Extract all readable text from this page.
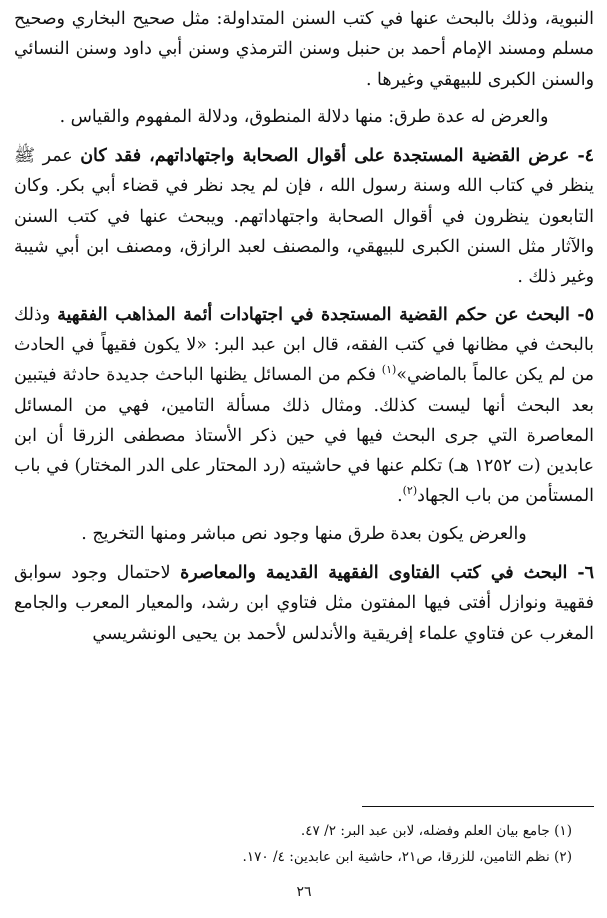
النبوية، وذلك بالبحث عنها في كتب السنن المتداولة: مثل صحيح البخاري وصحيح مسلم ومسند الإمام أحمد بن حنبل وسنن الترمذي وسنن أبي داود وسنن النسائي والسنن الكبرى للبيهقي وغيرها .

والعرض له عدة طرق: منها دلالة المنطوق، ودلالة المفهوم والقياس .

٤- عرض القضية المستجدة على أقوال الصحابة واجتهاداتهم، فقد كان عمر ﷺ ينظر في كتاب الله وسنة رسول الله ، فإن لم يجد نظر في قضاء أبي بكر. وكان التابعون ينظرون في أقوال الصحابة واجتهاداتهم. ويبحث عنها في كتب السنن والآثار مثل السنن الكبرى للبيهقي، والمصنف لعبد الرازق، ومصنف ابن أبي شيبة وغير ذلك .

٥- البحث عن حكم القضية المستجدة في اجتهادات أئمة المذاهب الفقهية وذلك بالبحث في مظانها في كتب الفقه، قال ابن عبد البر: «لا يكون فقيهاً في الحادث من لم يكن عالماً بالماضي»$^{(١)}$ فكم من المسائل يظنها الباحث جديدة حادثة فيتبين بعد البحث أنها ليست كذلك. ومثال ذلك مسألة التامين، فهي من المسائل المعاصرة التي جرى البحث فيها في حين ذكر الأستاذ مصطفى الزرقا أن ابن عابدين (ت ١٢٥٢ هـ) تكلم عنها في حاشيته (رد المحتار على الدر المختار) في باب المستأمن من باب الجهاد$^{(٢)}$.

والعرض يكون بعدة طرق منها وجود نص مباشر ومنها التخريج .

٦- البحث في كتب الفتاوى الفقهية القديمة والمعاصرة لاحتمال وجود سوابق فقهية ونوازل أفتى فيها المفتون مثل فتاوي ابن رشد، والمعيار المعرب والجامع المغرب عن فتاوي علماء إفريقية والأندلس لأحمد بن يحيى الونشريسي

(١) جامع بيان العلم وفضله، لابن عبد البر: ٢/ ٤٧.

(٢) نظم التامين، للزرقا، ص٢١، حاشية ابن عابدين: ٤/ ١٧٠.

٢٦
